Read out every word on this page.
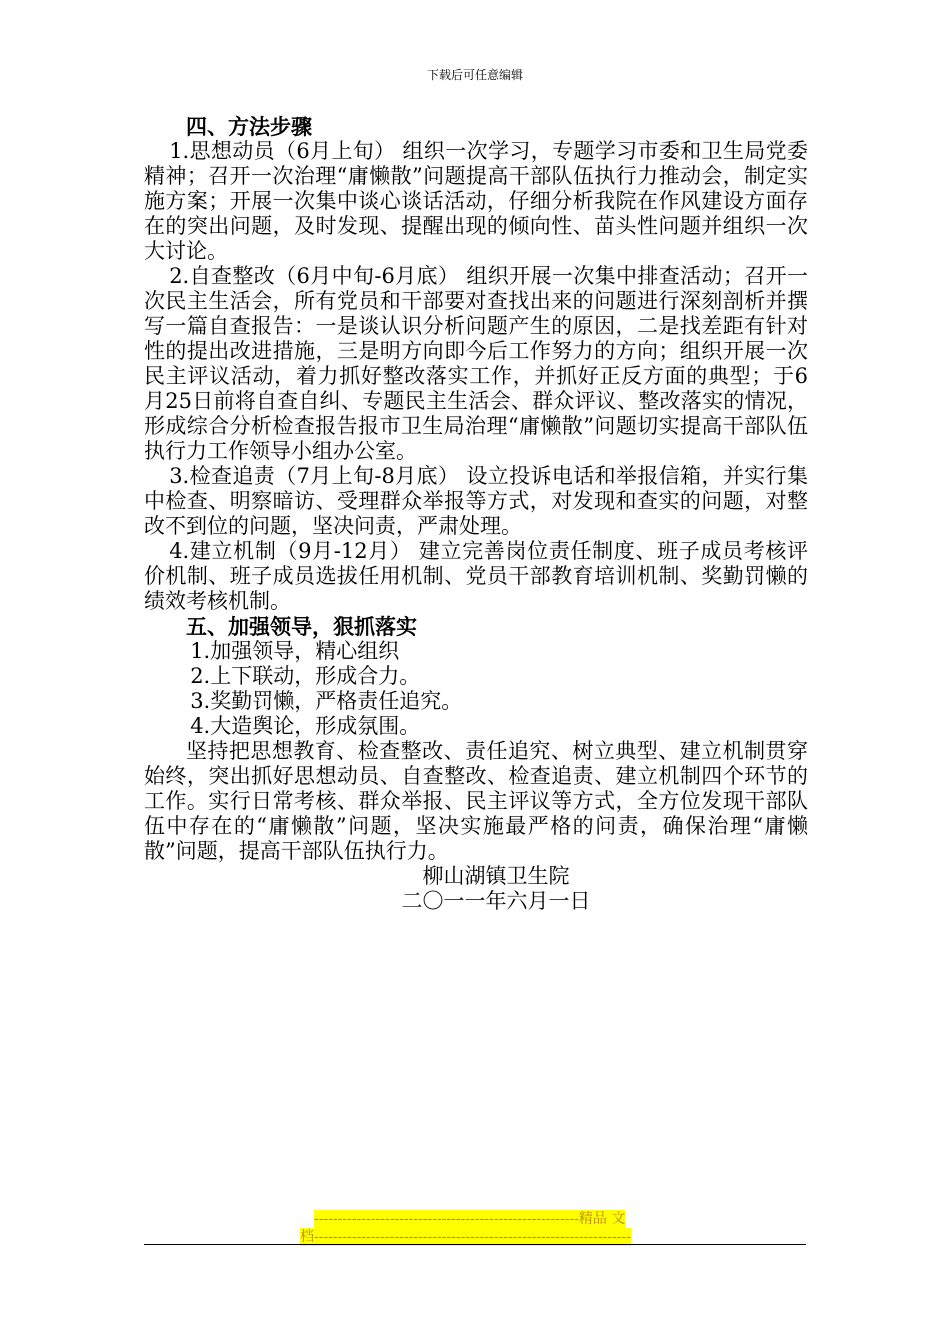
下载后可任意编辑

四、方法步骤

1.思想动员（6月上旬） 组织一次学习，专题学习市委和卫生局党委精神；召开一次治理“庸懒散”问题提高干部队伍执行力推动会，制定实施方案；开展一次集中谈心谈话活动，仔细分析我院在作风建设方面存在的突出问题，及时发现、提醒出现的倾向性、苗头性问题并组织一次大讨论。

2.自查整改（6月中旬-6月底） 组织开展一次集中排查活动；召开一次民主生活会，所有党员和干部要对查找出来的问题进行深刻剖析并撰写一篇自查报告：一是谈认识分析问题产生的原因，二是找差距有针对性的提出改进措施，三是明方向即今后工作努力的方向；组织开展一次民主评议活动，着力抓好整改落实工作，并抓好正反方面的典型；于6月25日前将自查自纠、专题民主生活会、群众评议、整改落实的情况，形成综合分析检查报告报市卫生局治理“庸懒散”问题切实提高干部队伍执行力工作领导小组办公室。

3.检查追责（7月上旬-8月底） 设立投诉电话和举报信箱，并实行集中检查、明察暗访、受理群众举报等方式，对发现和查实的问题，对整改不到位的问题，坚决问责，严肃处理。

4.建立机制（9月-12月） 建立完善岗位责任制度、班子成员考核评价机制、班子成员选拔任用机制、党员干部教育培训机制、奖勤罚懒的绩效考核机制。

五、加强领导，狠抓落实

1.加强领导，精心组织

2.上下联动，形成合力。

3.奖勤罚懒，严格责任追究。

4.大造舆论，形成氛围。

坚持把思想教育、检查整改、责任追究、树立典型、建立机制贯穿始终，突出抓好思想动员、自查整改、检查追责、建立机制四个环节的工作。实行日常考核、群众举报、民主评议等方式，全方位发现干部队伍中存在的“庸懒散”问题，坚决实施最严格的问责，确保治理“庸懒散”问题，提高干部队伍执行力。

柳山湖镇卫生院

二〇一一年六月一日

--------------------------------------------------------精品 文
档-------------------------------------------------------------------
